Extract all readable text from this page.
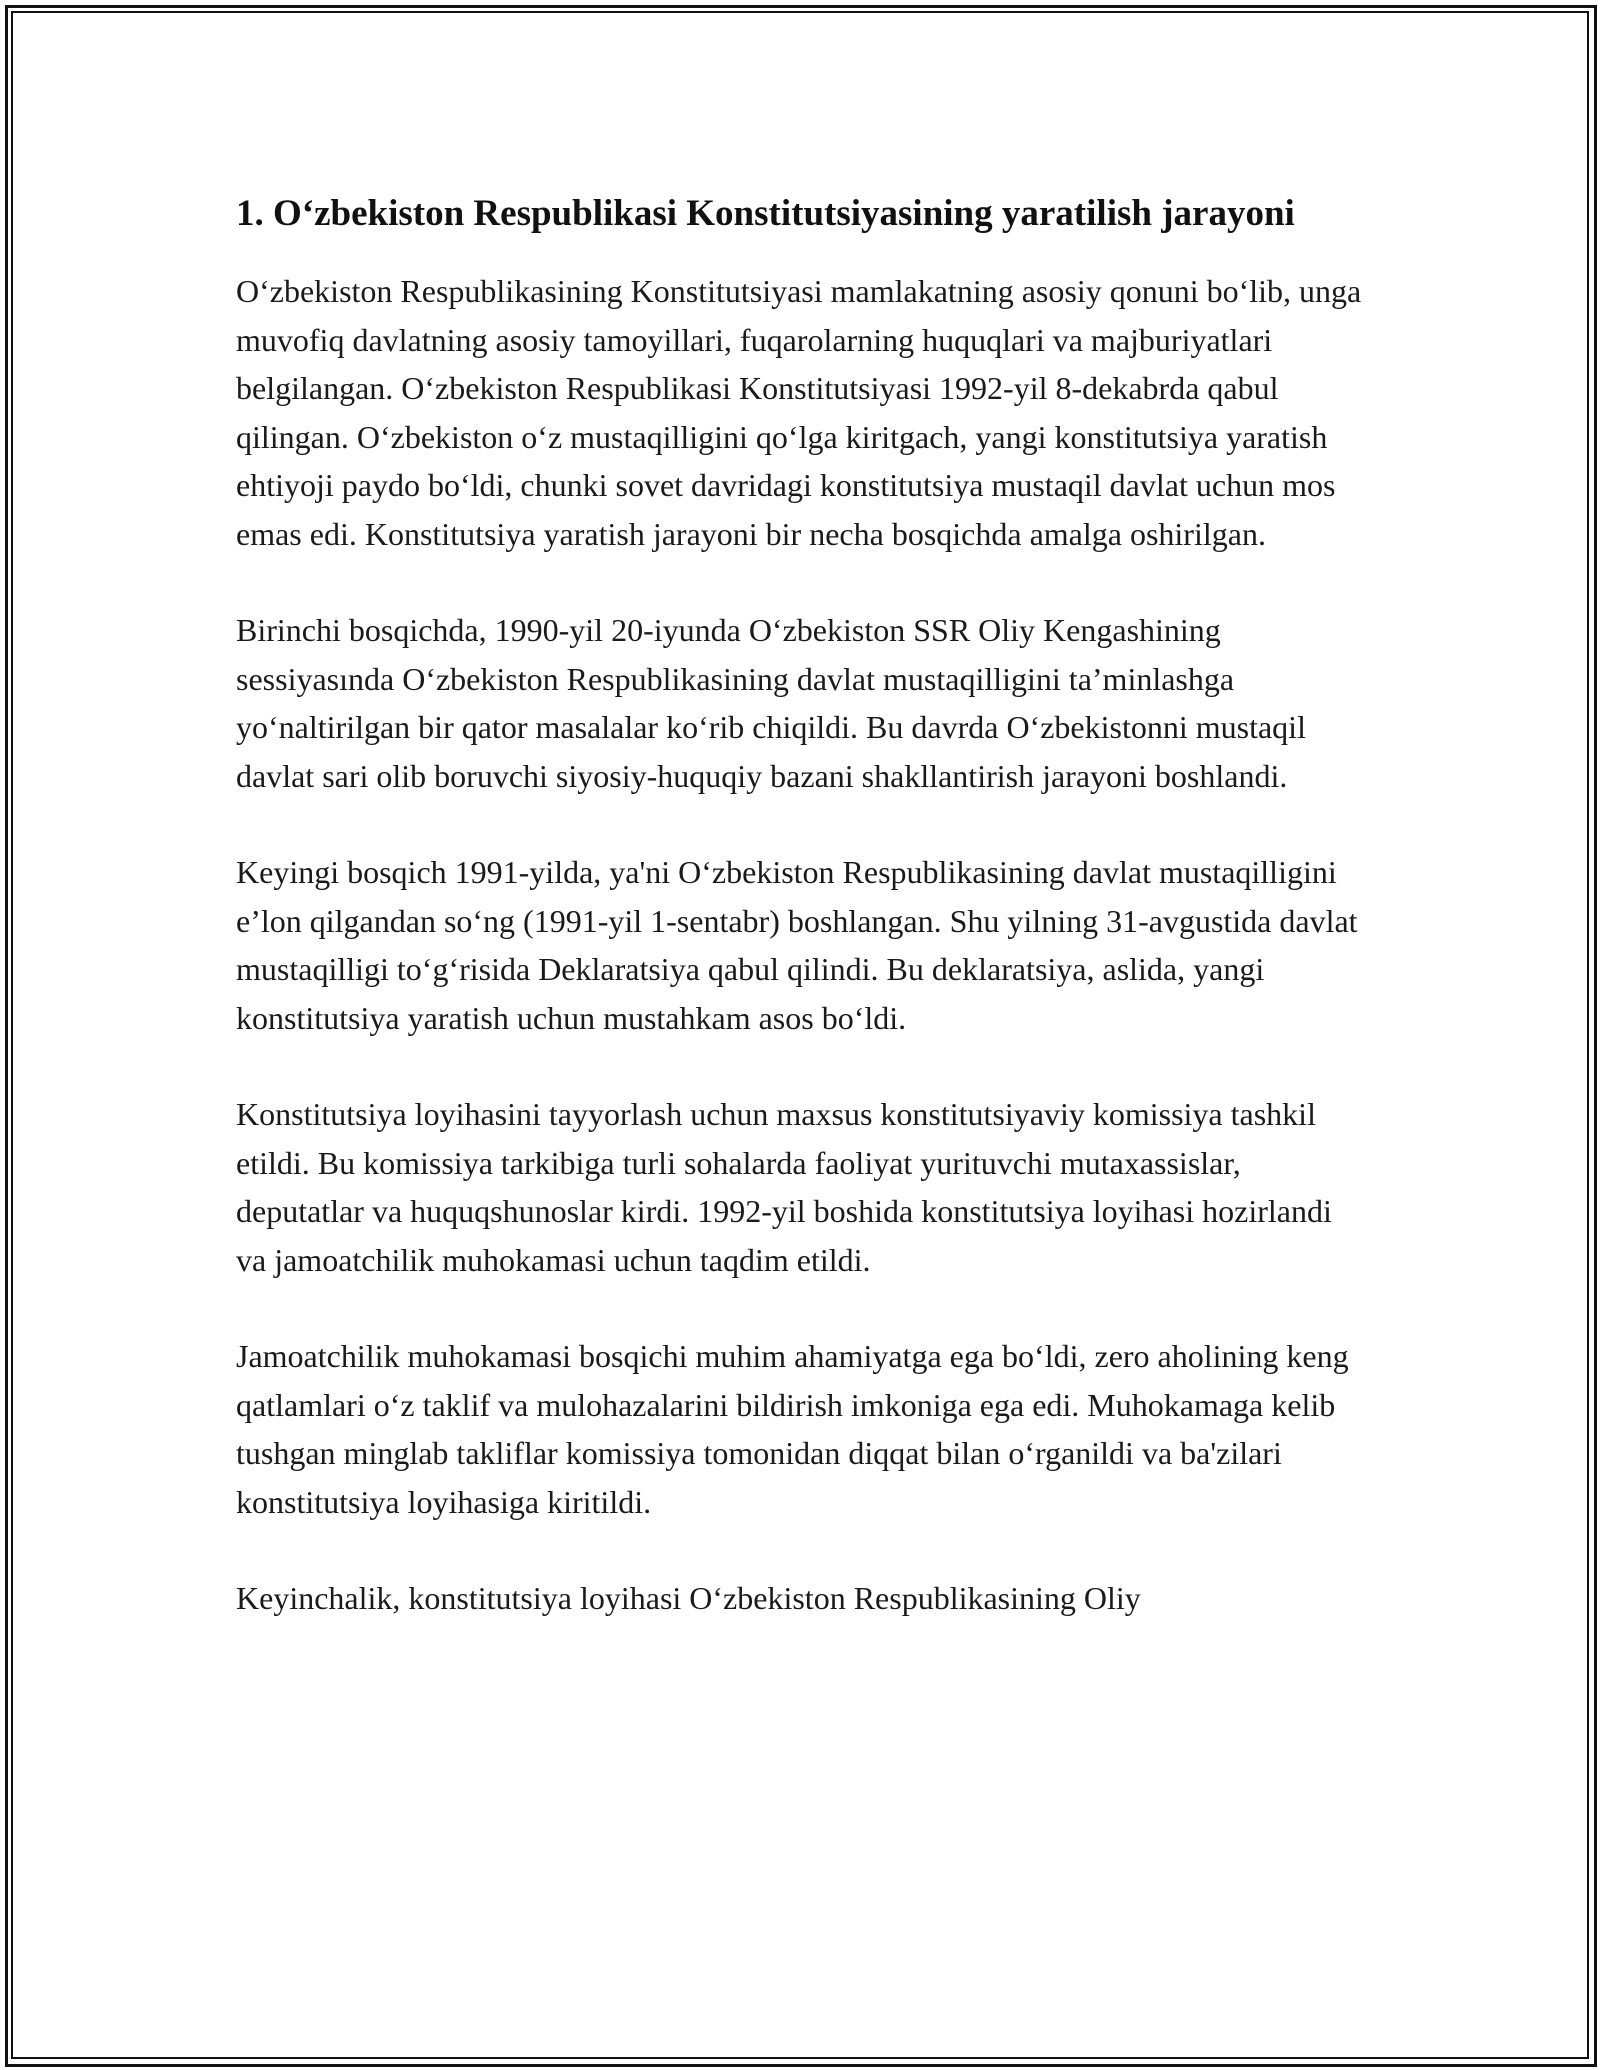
1. O‘zbekiston Respublikasi Konstitutsiyasining yaratilish jarayoni

O‘zbekiston Respublikasining Konstitutsiyasi mamlakatning asosiy qonuni bo‘lib, unga muvofiq davlatning asosiy tamoyillari, fuqarolarning huquqlari va majburiyatlari belgilangan. O‘zbekiston Respublikasi Konstitutsiyasi 1992-yil 8-dekabrda qabul qilingan. O‘zbekiston o‘z mustaqilligini qo‘lga kiritgach, yangi konstitutsiya yaratish ehtiyoji paydo bo‘ldi, chunki sovet davridagi konstitutsiya mustaqil davlat uchun mos emas edi. Konstitutsiya yaratish jarayoni bir necha bosqichda amalga oshirilgan.

Birinchi bosqichda, 1990-yil 20-iyunda O‘zbekiston SSR Oliy Kengashining sessiyasında O‘zbekiston Respublikasining davlat mustaqilligini ta’minlashga yo‘naltirilgan bir qator masalalar ko‘rib chiqildi. Bu davrda O‘zbekistonni mustaqil davlat sari olib boruvchi siyosiy-huquqiy bazani shakllantirish jarayoni boshlandi.

Keyingi bosqich 1991-yilda, ya'ni O‘zbekiston Respublikasining davlat mustaqilligini e’lon qilgandan so‘ng (1991-yil 1-sentabr) boshlangan. Shu yilning 31-avgustida davlat mustaqilligi to‘g‘risida Deklaratsiya qabul qilindi. Bu deklaratsiya, aslida, yangi konstitutsiya yaratish uchun mustahkam asos bo‘ldi.

Konstitutsiya loyihasini tayyorlash uchun maxsus konstitutsiyaviy komissiya tashkil etildi. Bu komissiya tarkibiga turli sohalarda faoliyat yurituvchi mutaxassislar, deputatlar va huquqshunoslar kirdi. 1992-yil boshida konstitutsiya loyihasi hozirlandi va jamoatchilik muhokamasi uchun taqdim etildi.

Jamoatchilik muhokamasi bosqichi muhim ahamiyatga ega bo‘ldi, zero aholining keng qatlamlari o‘z taklif va mulohazalarini bildirish imkoniga ega edi. Muhokamaga kelib tushgan minglab takliflar komissiya tomonidan diqqat bilan o‘rganildi va ba'zilari konstitutsiya loyihasiga kiritildi.

Keyinchalik, konstitutsiya loyihasi O‘zbekiston Respublikasining Oliy
